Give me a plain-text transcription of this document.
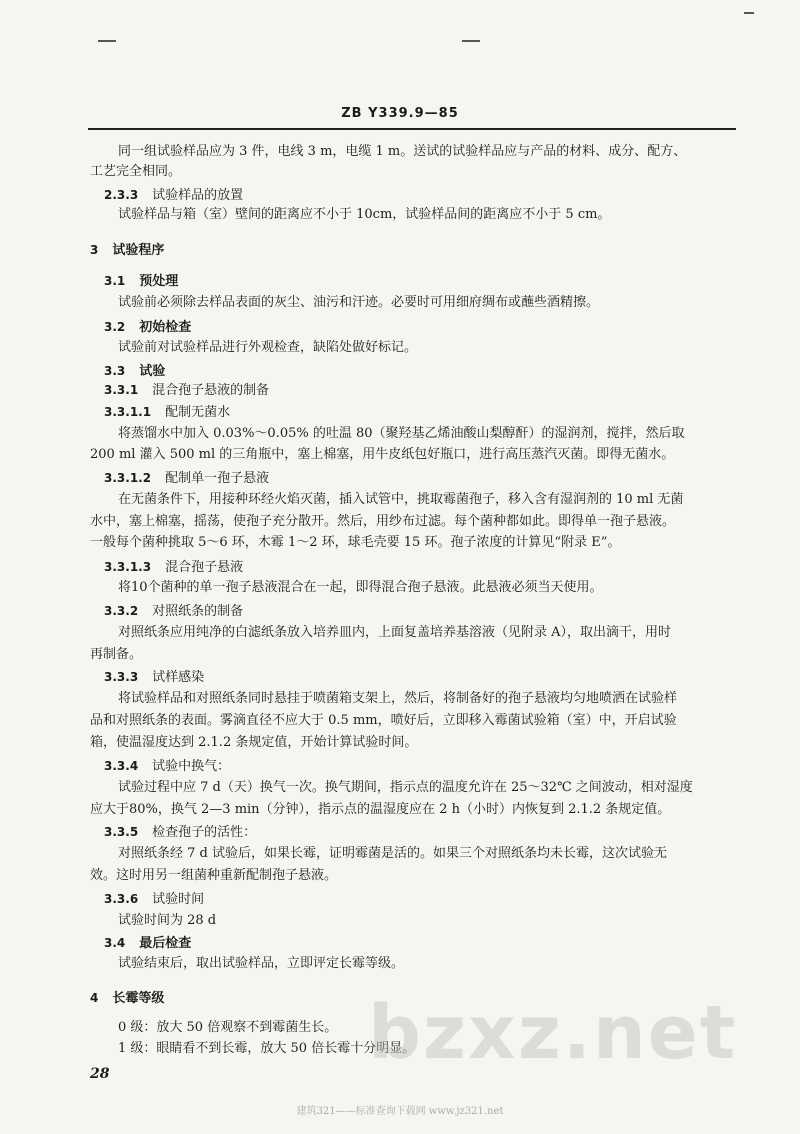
ZB Y339.9—85
同一组试验样品应为 3 件，电线 3 m，电缆 1 m。送试的试验样品应与产品的材料、成分、配方、
工艺完全相同。
2.3.3 试验样品的放置
试验样品与箱（室）壁间的距离应不小于 10cm，试验样品间的距离应不小于 5 cm。
3 试验程序
3.1 预处理
试验前必须除去样品表面的灰尘、油污和汗迹。必要时可用细府绸布或蘸些酒精擦。
3.2 初始检查
试验前对试验样品进行外观检查，缺陷处做好标记。
3.3 试验
3.3.1 混合孢子悬液的制备
3.3.1.1 配制无菌水
将蒸馏水中加入 0.03%～0.05% 的吐温 80（聚羟基乙烯油酸山梨醇酐）的湿润剂，搅拌，然后取
200 ml 灌入 500 ml 的三角瓶中，塞上棉塞，用牛皮纸包好瓶口，进行高压蒸汽灭菌。即得无菌水。
3.3.1.2 配制单一孢子悬液
在无菌条件下，用接种环经火焰灭菌，插入试管中，挑取霉菌孢子，移入含有湿润剂的 10 ml 无菌
水中，塞上棉塞，摇荡，使孢子充分散开。然后，用纱布过滤。每个菌种都如此。即得单一孢子悬液。
一般每个菌种挑取 5～6 环，木霉 1～2 环，球毛壳要 15 环。孢子浓度的计算见“附录 E”。
3.3.1.3 混合孢子悬液
将10个菌种的单一孢子悬液混合在一起，即得混合孢子悬液。此悬液必须当天使用。
3.3.2 对照纸条的制备
对照纸条应用纯净的白滤纸条放入培养皿内，上面复盖培养基溶液（见附录 A），取出滴干，用时
再制备。
3.3.3 试样感染
将试验样品和对照纸条同时悬挂于喷菌箱支架上，然后，将制备好的孢子悬液均匀地喷洒在试验样
品和对照纸条的表面。雾滴直径不应大于 0.5 mm，喷好后，立即移入霉菌试验箱（室）中，开启试验
箱，使温湿度达到 2.1.2 条规定值，开始计算试验时间。
3.3.4 试验中换气：
试验过程中应 7 d（天）换气一次。换气期间，指示点的温度允许在 25～32℃ 之间波动，相对湿度
应大于80%，换气 2—3 min（分钟），指示点的温湿度应在 2 h（小时）内恢复到 2.1.2 条规定值。
3.3.5 检查孢子的活性：
对照纸条经 7 d 试验后，如果长霉，证明霉菌是活的。如果三个对照纸条均未长霉，这次试验无
效。这时用另一组菌种重新配制孢子悬液。
3.3.6 试验时间
试验时间为 28 d
3.4 最后检查
试验结束后，取出试验样品，立即评定长霉等级。
4 长霉等级
0 级：放大 50 倍观察不到霉菌生长。
1 级：眼睛看不到长霉，放大 50 倍长霉十分明显。
bzxz.net
28
建筑321——标准查询下载网 www.jz321.net
